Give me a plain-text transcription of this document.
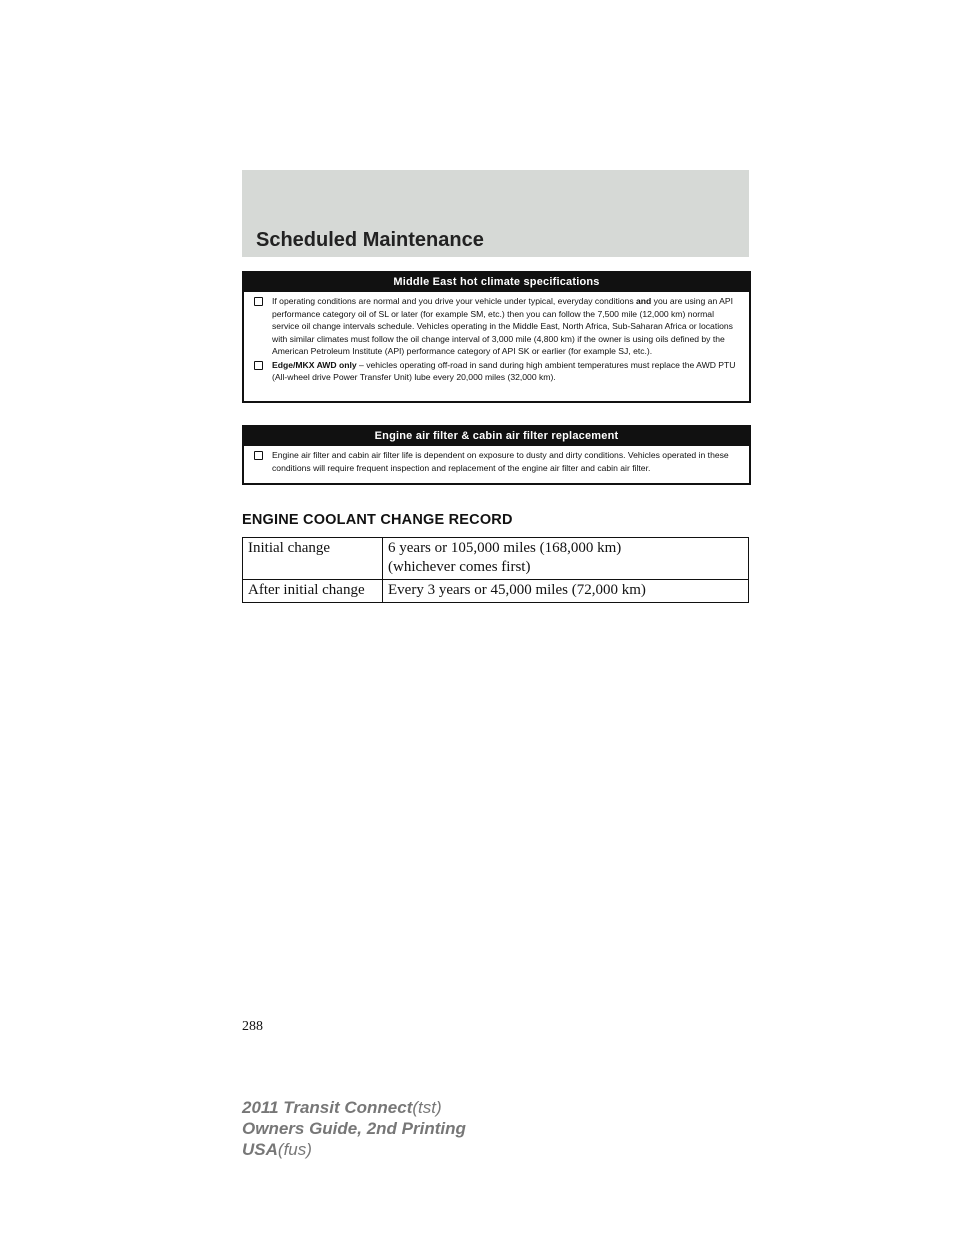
Scheduled Maintenance
Middle East hot climate specifications
If operating conditions are normal and you drive your vehicle under typical, everyday conditions and you are using an API performance category oil of SL or later (for example SM, etc.) then you can follow the 7,500 mile (12,000 km) normal service oil change intervals schedule. Vehicles operating in the Middle East, North Africa, Sub-Saharan Africa or locations with similar climates must follow the oil change interval of 3,000 mile (4,800 km) if the owner is using oils defined by the American Petroleum Institute (API) performance category of API SK or earlier (for example SJ, etc.).
Edge/MKX AWD only – vehicles operating off-road in sand during high ambient temperatures must replace the AWD PTU (All-wheel drive Power Transfer Unit) lube every 20,000 miles (32,000 km).
Engine air filter & cabin air filter replacement
Engine air filter and cabin air filter life is dependent on exposure to dusty and dirty conditions. Vehicles operated in these conditions will require frequent inspection and replacement of the engine air filter and cabin air filter.
ENGINE COOLANT CHANGE RECORD
Initial change	6 years or 105,000 miles (168,000 km)
(whichever comes first)

After initial change	Every 3 years or 45,000 miles (72,000 km)
288
2011 Transit Connect(tst)
Owners Guide, 2nd Printing
USA(fus)
